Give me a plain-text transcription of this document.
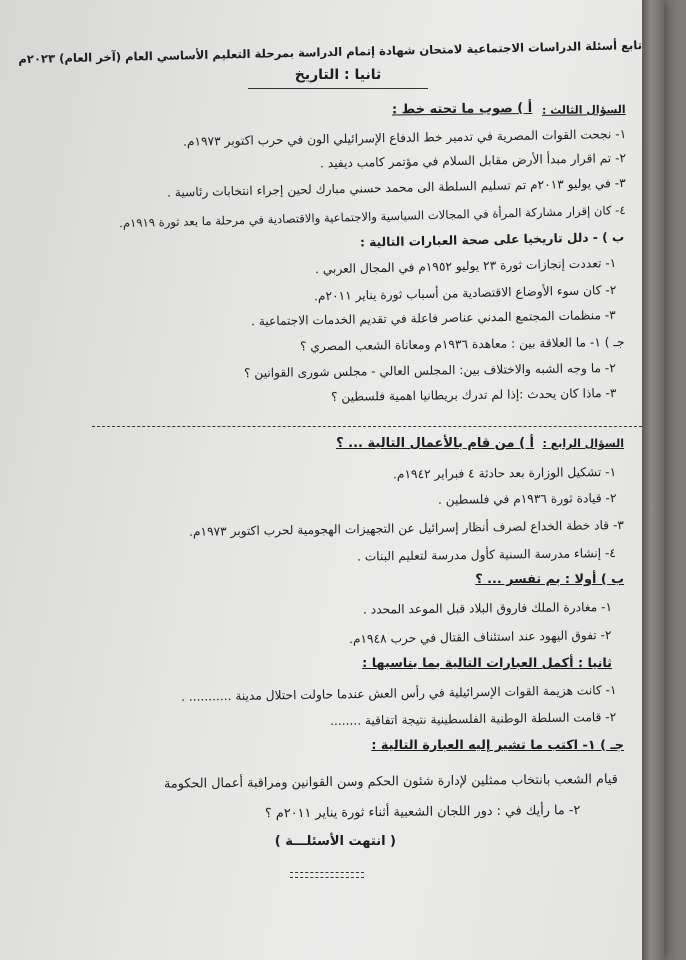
تابع أسئلة الدراسات الاجتماعية لامتحان شهادة إتمام الدراسة بمرحلة التعليم الأساسي العام (آخر العام) ٢٠٢٣م
ثانيا : التاريخ
السؤال الثالث :
أ ) صوب ما تحته خط :
١- نجحت القوات المصرية في تدمير خط الدفاع الإسرائيلي الون في حرب اكتوبر ١٩٧٣م.
٢- تم اقرار مبدأ الأرض مقابل السلام في مؤتمر كامب ديفيد .
٣- في يوليو ٢٠١٣م تم تسليم السلطة الى محمد حسني مبارك لحين إجراء انتخابات رئاسية .
٤- كان إقرار مشاركة المرأة في المجالات السياسية والاجتماعية والاقتصادية في مرحلة ما بعد ثورة ١٩١٩م.
ب ) - دلل تاريخيا على صحة العبارات التالية :
١- تعددت إنجازات ثورة ٢٣ يوليو ١٩٥٢م في المجال العربي .
٢- كان سوء الأوضاع الاقتصادية من أسباب ثورة يناير ٢٠١١م.
٣- منظمات المجتمع المدني عناصر فاعلة في تقديم الخدمات الاجتماعية .
جـ ) ١- ما العلاقة بين : معاهدة ١٩٣٦م ومعاناة الشعب المصري ؟
٢- ما وجه الشبه والاختلاف بين: المجلس العالي - مجلس شورى القوانين ؟
٣- ماذا كان يحدث :إذا لم تدرك بريطانيا اهمية فلسطين ؟
السؤال الرابع :
أ ) من قام بالأعمال التالية ... ؟
١- تشكيل الوزارة بعد حادثة ٤ فبراير ١٩٤٢م.
٢- قيادة ثورة ١٩٣٦م في فلسطين .
٣- قاد خطة الخداع لصرف أنظار إسرائيل عن التجهيزات الهجومية لحرب اكتوبر ١٩٧٣م.
٤- إنشاء مدرسة السنية كأول مدرسة لتعليم البنات .
ب ) أولا : بم تفسر ... ؟
١- مغادرة الملك فاروق البلاد قبل الموعد المحدد .
٢- تفوق اليهود عند استئناف القتال في حرب ١٩٤٨م.
ثانيا : أكمل العبارات التالية بما يناسبها :
١- كانت هزيمة القوات الإسرائيلية في رأس العش عندما حاولت احتلال مدينة ........... .
٢- قامت السلطة الوطنية الفلسطينية نتيجة اتفاقية ........
جـ ) ١- اكتب ما تشير إليه العبارة التالية :
قيام الشعب بانتخاب ممثلين لإدارة شئون الحكم وسن القوانين ومراقبة أعمال الحكومة
٢- ما رأيك في : دور اللجان الشعبية أثناء ثورة يناير ٢٠١١م ؟
( انتهت الأسئلـــة )
